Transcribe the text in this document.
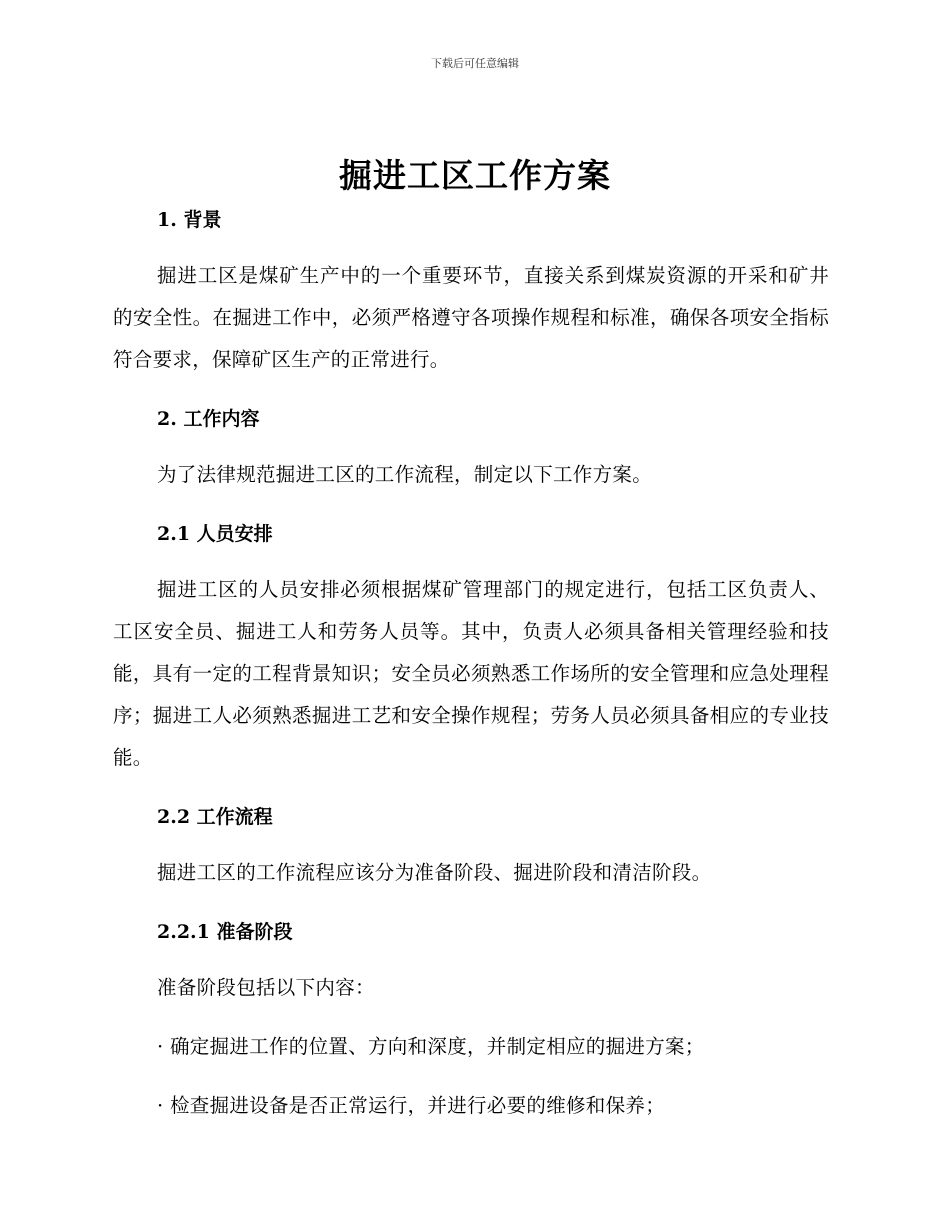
下载后可任意编辑
掘进工区工作方案

1. 背景

掘进工区是煤矿生产中的一个重要环节，直接关系到煤炭资源的开采和矿井的安全性。在掘进工作中，必须严格遵守各项操作规程和标准，确保各项安全指标符合要求，保障矿区生产的正常进行。

2. 工作内容

为了法律规范掘进工区的工作流程，制定以下工作方案。

2.1 人员安排

掘进工区的人员安排必须根据煤矿管理部门的规定进行，包括工区负责人、工区安全员、掘进工人和劳务人员等。其中，负责人必须具备相关管理经验和技能，具有一定的工程背景知识；安全员必须熟悉工作场所的安全管理和应急处理程序；掘进工人必须熟悉掘进工艺和安全操作规程；劳务人员必须具备相应的专业技能。

2.2 工作流程

掘进工区的工作流程应该分为准备阶段、掘进阶段和清洁阶段。

2.2.1 准备阶段

准备阶段包括以下内容：

· 确定掘进工作的位置、方向和深度，并制定相应的掘进方案；

· 检查掘进设备是否正常运行，并进行必要的维修和保养；
